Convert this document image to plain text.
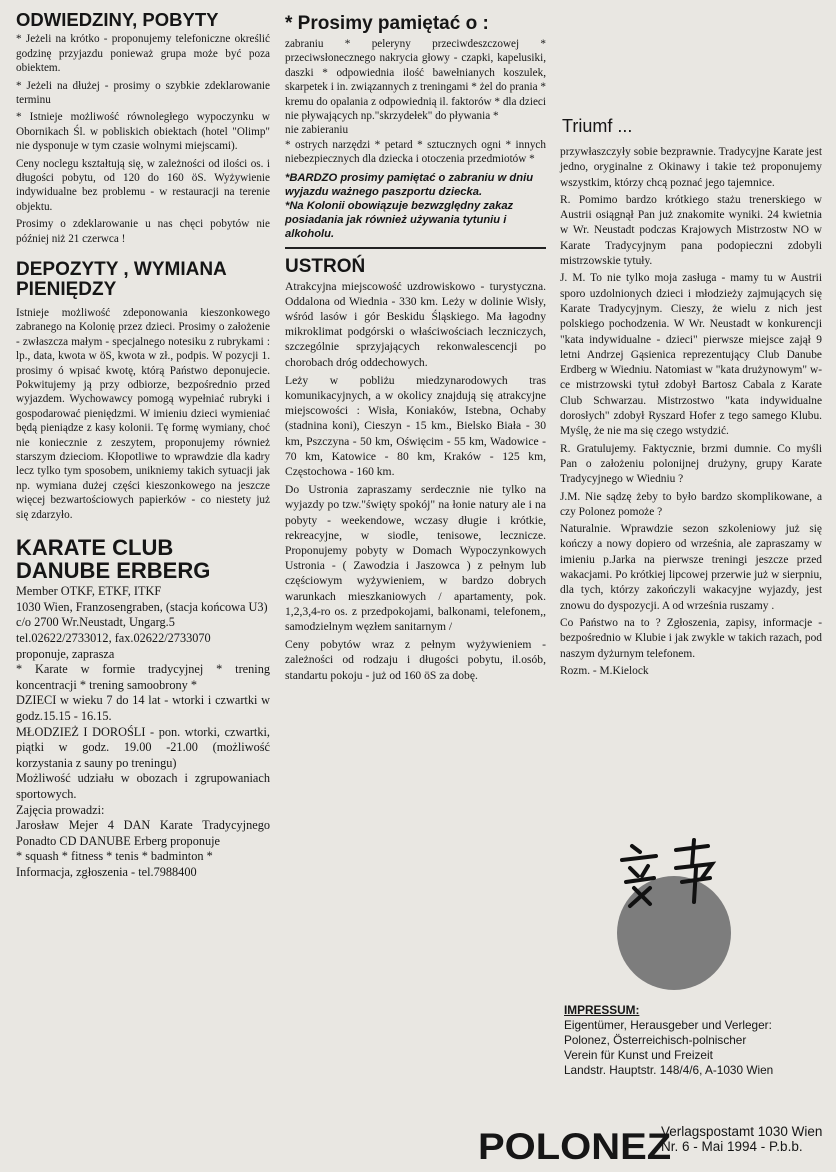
ODWIEDZINY, POBYTY

* Jeżeli na krótko - proponujemy telefoniczne określić godzinę przyjazdu ponieważ grupa może być poza obiektem.

* Jeżeli na dłużej - prosimy o szybkie zdeklarowanie terminu

* Istnieje możliwość równoległego wypoczynku w Obornikach Śl. w pobliskich obiektach (hotel "Olimp" nie dysponuje w tym czasie wolnymi miejscami).

Ceny noclegu kształtują się, w zależności od ilości os. i długości pobytu, od 120 do 160 öS. Wyżywienie indywidualne bez problemu - w restauracji na terenie objektu.

Prosimy o zdeklarowanie u nas chęci pobytów nie później niż 21 czerwca !

DEPOZYTY , WYMIANA PIENIĘDZY

Istnieje możliwość zdeponowania kieszonkowego zabranego na Kolonię przez dzieci. Prosimy o założenie - zwłaszcza małym - specjalnego notesiku z rubrykami : lp., data, kwota w öS, kwota w zł., podpis. W pozycji 1. prosimy ó wpisać kwotę, którą Państwo deponujecie. Pokwitujemy ją przy odbiorze, bezpośrednio przed wyjazdem. Wychowawcy pomogą wypełniać rubryki i gospodarować pieniędzmi. W imieniu dzieci wymieniać będą pieniądze z kasy kolonii. Tę formę wymiany, choć nie koniecznie z zeszytem, proponujemy również starszym dzieciom. Kłopotliwe to wprawdzie dla kadry lecz tylko tym sposobem, unikniemy takich sytuacji jak np. wymiana dużej części kieszonkowego na jeszcze więcej bezwartościowych papierków - co niestety już się zdarzyło.

KARATE CLUB DANUBE ERBERG

Member OTKF, ETKF, ITKF

1030 Wien, Franzosengraben, (stacja końcowa U3)

c/o 2700 Wr.Neustadt, Ungarg.5

tel.02622/2733012, fax.02622/2733070

proponuje, zaprasza

* Karate w formie tradycyjnej * trening koncentracji * trening samoobrony *

DZIECI w wieku 7 do 14 lat - wtorki i czwartki w godz.15.15 - 16.15.

MŁODZIEŻ I DOROŚLI - pon. wtorki, czwartki, piątki w godz. 19.00 -21.00 (możliwość korzystania z sauny po treningu)

Możliwość udziału w obozach i zgrupowaniach sportowych.

Zajęcia prowadzi:

Jarosław Mejer 4 DAN Karate Tradycyjnego Ponadto CD DANUBE Erberg proponuje

* squash * fitness * tenis * badminton *

Informacja, zgłoszenia - tel.7988400

* Prosimy pamiętać o :

zabraniu * peleryny przeciwdeszczowej * przeciwsłonecznego nakrycia głowy - czapki, kapelusiki, daszki * odpowiednia ilość bawełnianych koszulek, skarpetek i in. związannych z treningami * żel do prania * kremu do opalania z odpowiednią il. faktorów * dla dzieci nie pływających np."skrzydełek" do pływania *

nie zabieraniu

* ostrych narzędzi * petard * sztucznych ogni * innych niebezpiecznych dla dziecka i otoczenia przedmiotów *

*BARDZO prosimy pamiętać o zabraniu w dniu wyjazdu ważnego paszportu dziecka.

*Na Kolonii obowiązuje bezwzględny zakaz posiadania jak również używania tytuniu i alkoholu.

USTROŃ

Atrakcyjna miejscowość uzdrowiskowo - turystyczna. Oddalona od Wiednia - 330 km. Leży w dolinie Wisły, wśród lasów i gór Beskidu Śląskiego. Ma łagodny mikroklimat podgórski o właściwościach leczniczych, szczególnie sprzyjających rekonwalescencji po chorobach dróg oddechowych.

Leży w pobliżu miedzynarodowych tras komunikacyjnych, a w okolicy znajdują się atrakcyjne miejscowości : Wisła, Koniaków, Istebna, Ochaby (stadnina koni), Cieszyn - 15 km., Bielsko Biała - 30 km, Pszczyna - 50 km, Oświęcim - 55 km, Wadowice - 70 km, Katowice - 80 km, Kraków - 125 km, Częstochowa - 160 km.

Do Ustronia zapraszamy serdecznie nie tylko na wyjazdy po tzw."święty spokój" na łonie natury ale i na pobyty - weekendowe, wczasy długie i krótkie, rekreacyjne, w siodle, tenisowe, lecznicze. Proponujemy pobyty w Domach Wypoczynkowych Ustronia - ( Zawodzia i Jaszowca ) z pełnym lub częściowym wyżywieniem, w bardzo dobrych warunkach mieszkaniowych / apartamenty, pok. 1,2,3,4-ro os. z przedpokojami, balkonami, telefonem,, samodzielnym węzłem sanitarnym /

Ceny pobytów wraz z pełnym wyżywieniem - zależności od rodzaju i długości pobytu, il.osób, standartu pokoju - już od 160 öS za dobę.

Triumf ...

przywłaszczyły sobie bezprawnie. Tradycyjne Karate jest jedno, oryginalne z Okinawy i takie też proponujemy wszystkim, którzy chcą poznać jego tajemnice.

R. Pomimo bardzo krótkiego stażu trenerskiego w Austrii osiągnął Pan już znakomite wyniki. 24 kwietnia w Wr. Neustadt podczas Krajowych Mistrzostw NO w Karate Tradycyjnym pana podopieczni zdobyli mistrzowskie tytuły.

J. M. To nie tylko moja zasługa - mamy tu w Austrii sporo uzdolnionych dzieci i młodzieży zajmujących się Karate Tradycyjnym. Cieszy, że wielu z nich jest polskiego pochodzenia. W Wr. Neustadt w konkurencji "kata indywidualne - dzieci" pierwsze miejsce zajął 9 letni Andrzej Gąsienica reprezentujący Club Danube Erdberg w Wiedniu. Natomiast w "kata drużynowym" w-ce mistrzowski tytuł zdobył Bartosz Cabala z Karate Club Schwarzau. Mistrzostwo "kata indywidualne dorosłych" zdobył Ryszard Hofer z tego samego Klubu. Myślę, że nie ma się czego wstydzić.

R. Gratulujemy. Faktycznie, brzmi dumnie. Co myśli Pan o założeniu polonijnej drużyny, grupy Karate Tradycyjnego w Wiedniu ?

J.M. Nie sądzę żeby to było bardzo skomplikowane, a czy Polonez pomoże ?

Naturalnie. Wprawdzie sezon szkoleniowy już się kończy a nowy dopiero od września, ale zapraszamy w imieniu p.Jarka na pierwsze treningi jeszcze przed wakacjami. Po krótkiej lipcowej przerwie już w sierpniu, dla tych, którzy zakończyli wakacyjne wyjazdy, jest znowu do dyspozycji. A od września ruszamy .

Co Państwo na to ? Zgłoszenia, zapisy, informacje - bezpośrednio w Klubie i jak zwykle w takich razach, pod naszym dyżurnym telefonem.

Rozm. - M.Kielock

IMPRESSUM:
Eigentümer, Herausgeber und Verleger:
Polonez, Österreichisch-polnischer
Verein für Kunst und Freizeit
Landstr. Hauptstr. 148/4/6, A-1030 Wien
POLONEZ
Verlagspostamt 1030 Wien
Nr. 6 - Mai 1994 - P.b.b.
